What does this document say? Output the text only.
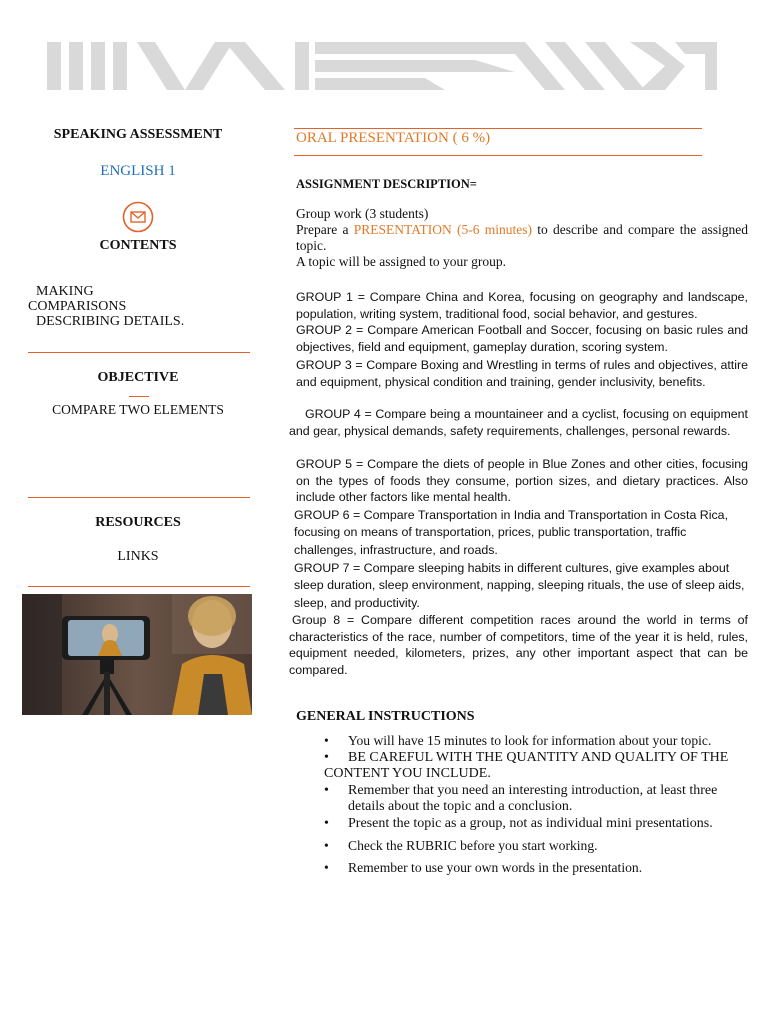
SPEAKING ASSESSMENT
ENGLISH 1
CONTENTS
MAKING
COMPARISONS
DESCRIBING DETAILS.
OBJECTIVE
COMPARE TWO ELEMENTS
RESOURCES
LINKS
ORAL PRESENTATION ( 6 %)
ASSIGNMENT DESCRIPTION=
Group work (3 students)
Prepare a PRESENTATION (5-6 minutes) to describe and compare the assigned topic.
A topic will be assigned to your group.
GROUP 1 = Compare China and Korea, focusing on geography and landscape, population, writing system, traditional food, social behavior, and gestures.
GROUP 2 = Compare American Football and Soccer, focusing on basic rules and objectives, field and equipment, gameplay duration, scoring system.
GROUP 3 = Compare Boxing and Wrestling in terms of rules and objectives, attire and equipment, physical condition and training, gender inclusivity, benefits.
GROUP 4 = Compare being a mountaineer and a cyclist, focusing on equipment and gear, physical demands, safety requirements, challenges, personal rewards.
GROUP 5 = Compare the diets of people in Blue Zones and other cities, focusing on the types of foods they consume, portion sizes, and dietary practices. Also include other factors like mental health.
GROUP 6 = Compare Transportation in India and Transportation in Costa Rica, focusing on means of transportation, prices, public transportation, traffic challenges, infrastructure, and roads.
GROUP 7 = Compare sleeping habits in different cultures, give examples about sleep duration, sleep environment, napping, sleeping rituals, the use of sleep aids, sleep, and productivity.
Group 8 = Compare different competition races around the world in terms of characteristics of the race, number of competitors, time of the year it is held, rules, equipment needed, kilometers, prizes, any other important aspect that can be compared.
GENERAL INSTRUCTIONS
•	You will have 15 minutes to look for information about your topic.
•	BE CAREFUL WITH THE QUANTITY AND QUALITY OF THE CONTENT YOU INCLUDE.
•	Remember that you need an interesting introduction, at least three details about the topic and a conclusion.
•	Present the topic as a group, not as individual mini presentations.
•	Check the RUBRIC before you start working.
•	Remember to use your own words in the presentation.
